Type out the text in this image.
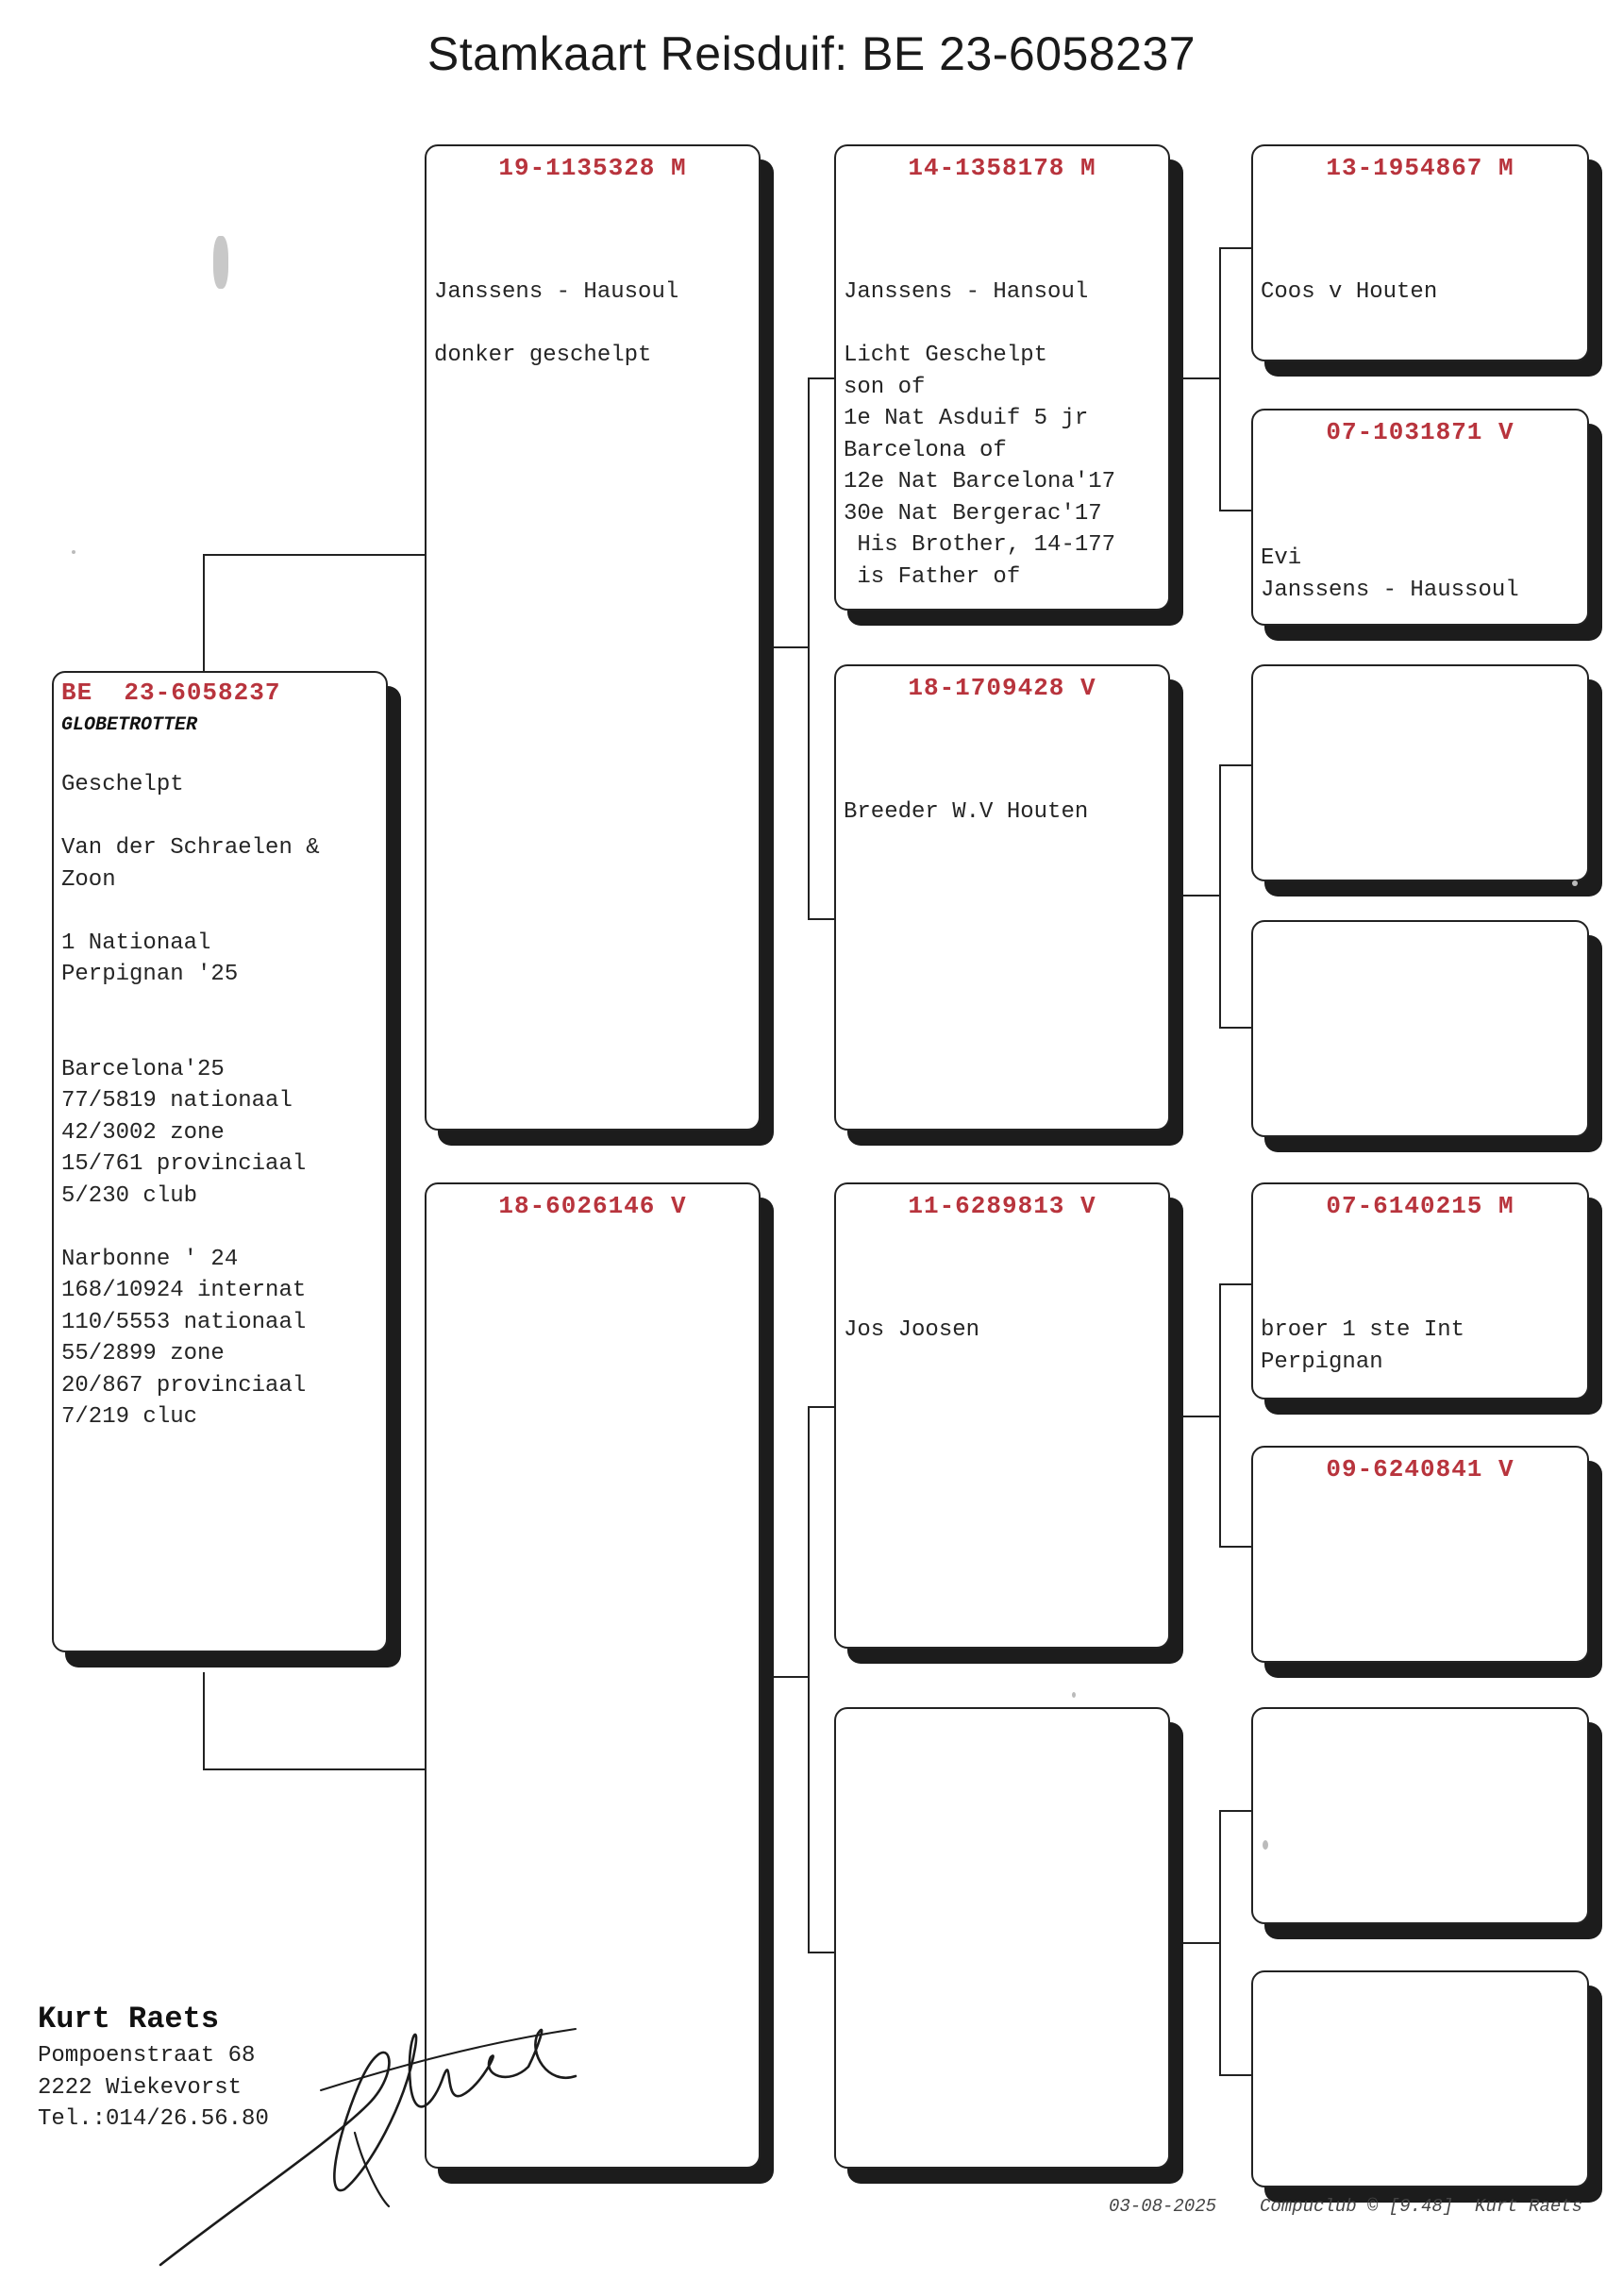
Stamkaart Reisduif: BE 23-6058237
BE  23-6058237
GLOBETROTTER
Geschelpt

Van der Schraelen &
Zoon

1 Nationaal
Perpignan '25

Barcelona'25
77/5819 nationaal
42/3002 zone
15/761 provinciaal
5/230 club

Narbonne ' 24
168/10924 internat
110/5553 nationaal
55/2899 zone
20/867 provinciaal
7/219 cluc
19-1135328 M
Janssens - Hausoul

donker geschelpt
18-6026146 V
14-1358178 M
Janssens - Hansoul

Licht Geschelpt
son of
1e Nat Asduif 5 jr
Barcelona of
12e Nat Barcelona'17
30e Nat Bergerac'17
His Brother, 14-177
is Father of
18-1709428 V
Breeder W.V Houten
11-6289813 V
Jos Joosen
13-1954867 M
Coos v Houten
07-1031871 V
Evi
Janssens - Haussoul
07-6140215 M
broer 1 ste Int
Perpignan
09-6240841 V
Kurt Raets
Pompoenstraat 68
2222 Wiekevorst
Tel.:014/26.56.80
03-08-2025 Compuclub © [9.48]  Kurt Raets
